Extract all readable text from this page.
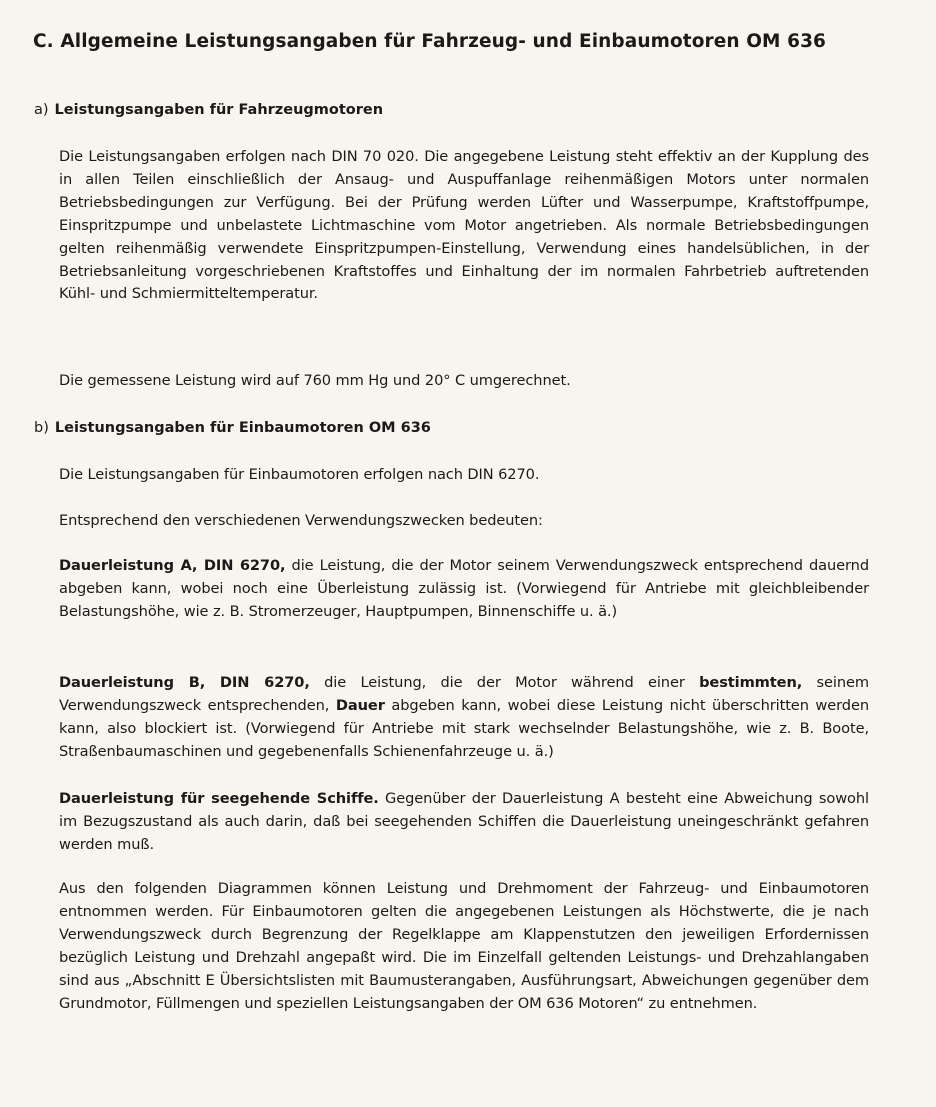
C. Allgemeine Leistungsangaben für Fahrzeug- und Einbaumotoren OM 636
a) Leistungsangaben für Fahrzeugmotoren
Die Leistungsangaben erfolgen nach DIN 70 020. Die angegebene Leistung steht effektiv an der Kupplung des in allen Teilen einschließlich der Ansaug- und Auspuffanlage reihenmäßigen Motors unter normalen Betriebsbedingungen zur Verfügung. Bei der Prüfung werden Lüfter und Wasserpumpe, Kraftstoffpumpe, Einspritzpumpe und unbelastete Lichtmaschine vom Motor angetrieben. Als normale Betriebsbedingungen gelten reihenmäßig verwendete Einspritzpumpen-Einstellung, Verwendung eines handelsüblichen, in der Betriebsanleitung vorgeschriebenen Kraftstoffes und Einhaltung der im normalen Fahrbetrieb auftretenden Kühl- und Schmiermitteltemperatur.
Die gemessene Leistung wird auf 760 mm Hg und 20° C umgerechnet.
b) Leistungsangaben für Einbaumotoren OM 636
Die Leistungsangaben für Einbaumotoren erfolgen nach DIN 6270.
Entsprechend den verschiedenen Verwendungszwecken bedeuten:
Dauerleistung A, DIN 6270, die Leistung, die der Motor seinem Verwendungszweck entsprechend dauernd abgeben kann, wobei noch eine Überleistung zulässig ist. (Vorwiegend für Antriebe mit gleichbleibender Belastungshöhe, wie z. B. Stromerzeuger, Hauptpumpen, Binnenschiffe u. ä.)
Dauerleistung B, DIN 6270, die Leistung, die der Motor während einer bestimmten, seinem Verwendungszweck entsprechenden, Dauer abgeben kann, wobei diese Leistung nicht überschritten werden kann, also blockiert ist. (Vorwiegend für Antriebe mit stark wechselnder Belastungshöhe, wie z. B. Boote, Straßenbaumaschinen und gegebenenfalls Schienenfahrzeuge u. ä.)
Dauerleistung für seegehende Schiffe. Gegenüber der Dauerleistung A besteht eine Abweichung sowohl im Bezugszustand als auch darin, daß bei seegehenden Schiffen die Dauerleistung uneingeschränkt gefahren werden muß.
Aus den folgenden Diagrammen können Leistung und Drehmoment der Fahrzeug- und Einbaumotoren entnommen werden. Für Einbaumotoren gelten die angegebenen Leistungen als Höchstwerte, die je nach Verwendungszweck durch Begrenzung der Regelklappe am Klappenstutzen den jeweiligen Erfordernissen bezüglich Leistung und Drehzahl angepaßt wird. Die im Einzelfall geltenden Leistungs- und Drehzahlangaben sind aus „Abschnitt E Übersichtslisten mit Baumusterangaben, Ausführungsart, Abweichungen gegenüber dem Grundmotor, Füllmengen und speziellen Leistungsangaben der OM 636 Motoren“ zu entnehmen.
